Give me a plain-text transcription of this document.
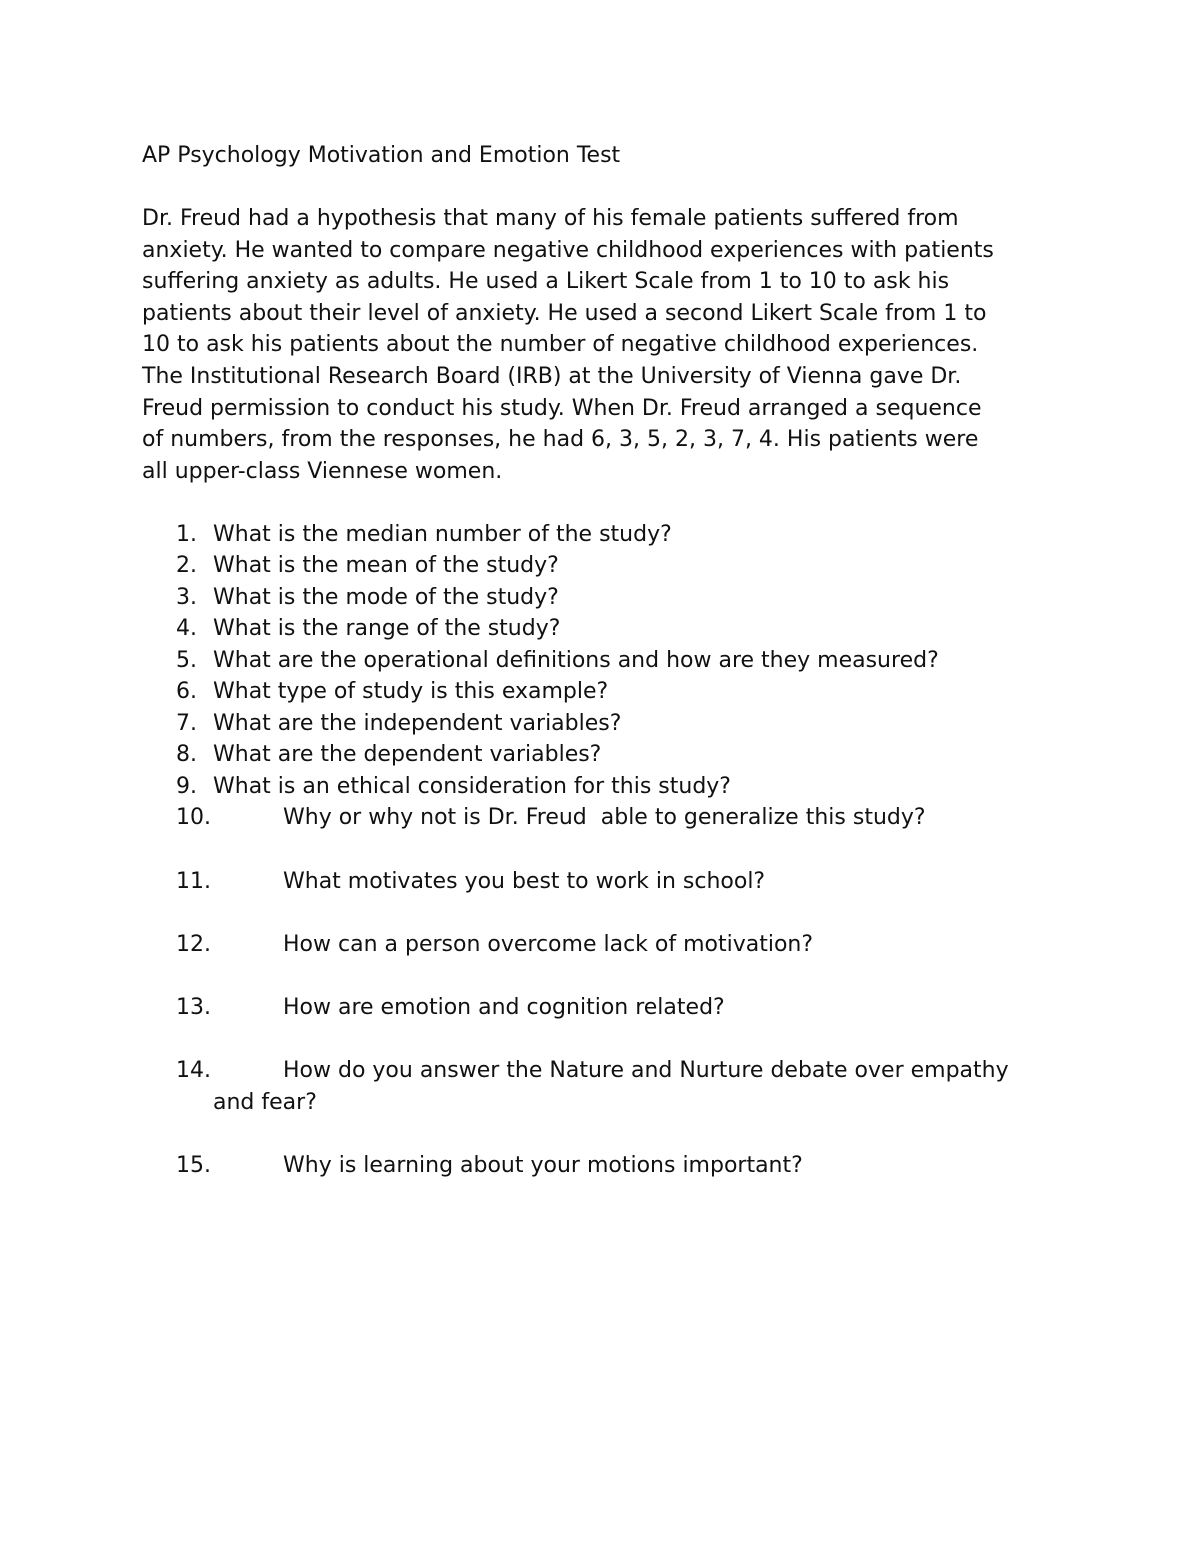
AP Psychology Motivation and Emotion Test
Dr. Freud had a hypothesis that many of his female patients suffered from
anxiety. He wanted to compare negative childhood experiences with patients
suffering anxiety as adults. He used a Likert Scale from 1 to 10 to ask his
patients about their level of anxiety. He used a second Likert Scale from 1 to
10 to ask his patients about the number of negative childhood experiences.
The Institutional Research Board (IRB) at the University of Vienna gave Dr.
Freud permission to conduct his study. When Dr. Freud arranged a sequence
of numbers, from the responses, he had 6, 3, 5, 2, 3, 7, 4. His patients were
all upper-class Viennese women.
1. What is the median number of the study?
2. What is the mean of the study?
3. What is the mode of the study?
4. What is the range of the study?
5. What are the operational definitions and how are they measured?
6. What type of study is this example?
7. What are the independent variables?
8. What are the dependent variables?
9. What is an ethical consideration for this study?
10.	Why or why not is Dr. Freud  able to generalize this study?
11.	What motivates you best to work in school?
12.	How can a person overcome lack of motivation?
13.	How are emotion and cognition related?
14.	How do you answer the Nature and Nurture debate over empathy
and fear?
15.	Why is learning about your motions important?
